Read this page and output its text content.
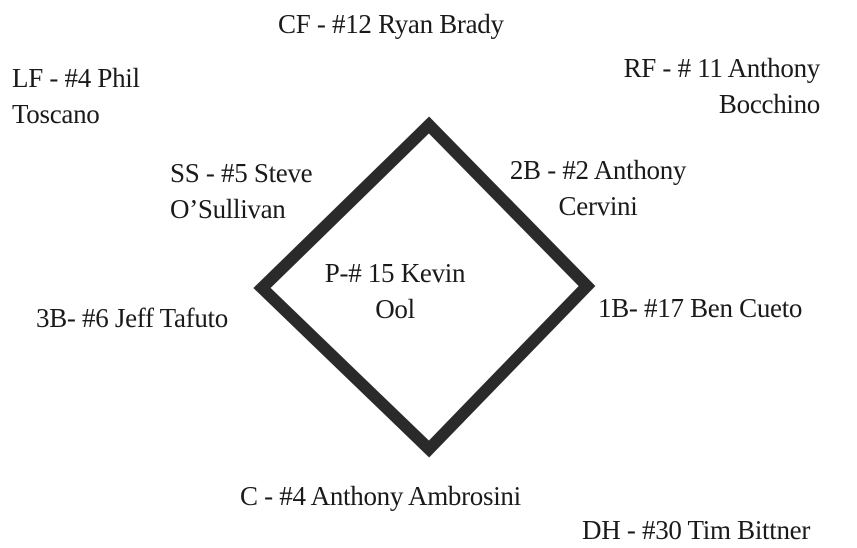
CF - #12 Ryan Brady
LF - #4 Phil
Toscano
RF - # 11 Anthony
Bocchino
SS - #5 Steve
O’Sullivan
2B - #2 Anthony
Cervini
P-# 15 Kevin
Ool
3B- #6 Jeff Tafuto	1B- #17 Ben Cueto
C - #4 Anthony Ambrosini
DH - #30 Tim Bittner
